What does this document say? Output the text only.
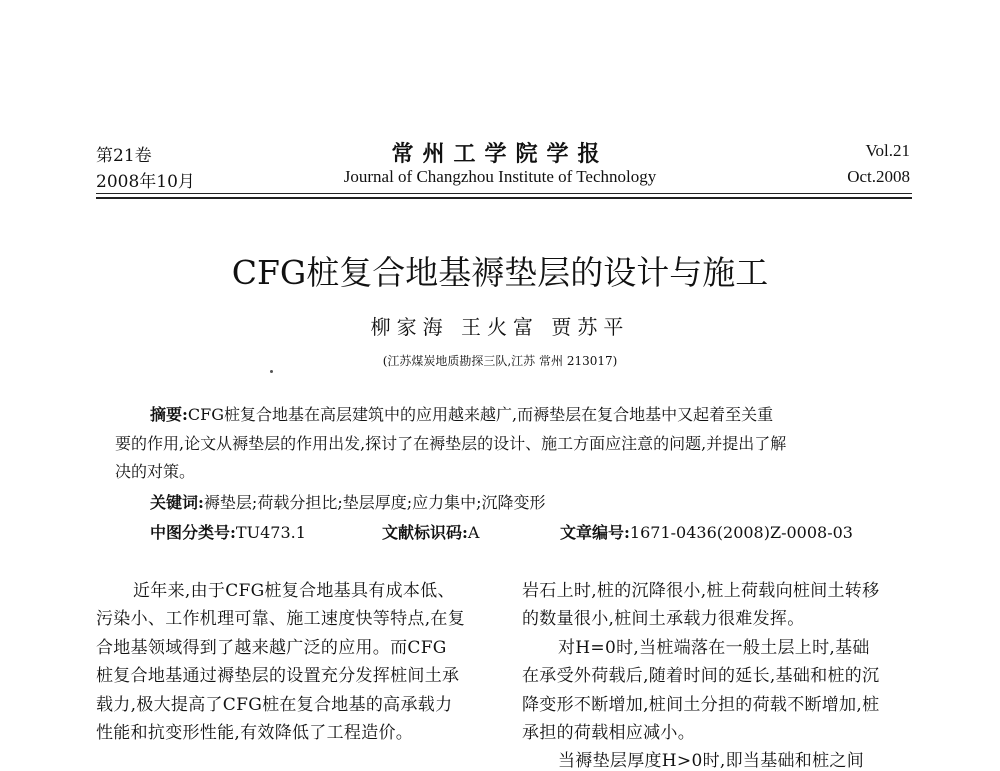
第21卷
2008年10月
常州工学院学报
Journal of Changzhou Institute of Technology
Vol.21
Oct.2008
CFG桩复合地基褥垫层的设计与施工
柳家海 王火富 贾苏平
(江苏煤炭地质勘探三队,江苏 常州 213017)
摘要:CFG桩复合地基在高层建筑中的应用越来越广,而褥垫层在复合地基中又起着至关重
要的作用,论文从褥垫层的作用出发,探讨了在褥垫层的设计、施工方面应注意的问题,并提出了解
决的对策。
关键词:褥垫层;荷载分担比;垫层厚度;应力集中;沉降变形
中图分类号:TU473.1	文献标识码:A	文章编号:1671-0436(2008)Z-0008-03
近年来,由于CFG桩复合地基具有成本低、
污染小、工作机理可靠、施工速度快等特点,在复
合地基领域得到了越来越广泛的应用。而CFG
桩复合地基通过褥垫层的设置充分发挥桩间土承
载力,极大提高了CFG桩在复合地基的高承载力
性能和抗变形性能,有效降低了工程造价。
岩石上时,桩的沉降很小,桩上荷载向桩间土转移
的数量很小,桩间土承载力很难发挥。
对H=0时,当桩端落在一般土层上时,基础
在承受外荷载后,随着时间的延长,基础和桩的沉
降变形不断增加,桩间土分担的荷载不断增加,桩
承担的荷载相应减小。
当褥垫层厚度H>0时,即当基础和桩之间
